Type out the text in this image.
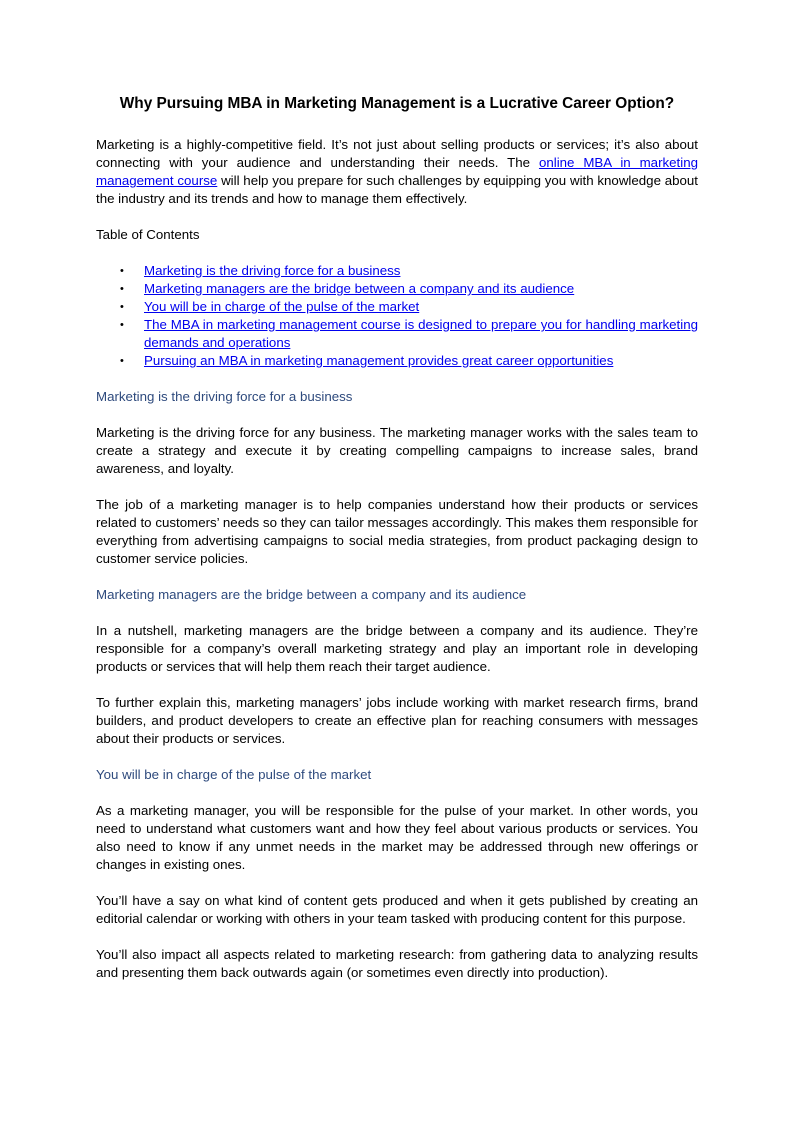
Why Pursuing MBA in Marketing Management is a Lucrative Career Option?

Marketing is a highly-competitive field. It’s not just about selling products or services; it’s also about connecting with your audience and understanding their needs. The online MBA in marketing management course will help you prepare for such challenges by equipping you with knowledge about the industry and its trends and how to manage them effectively.

Table of Contents
• Marketing is the driving force for a business
• Marketing managers are the bridge between a company and its audience
• You will be in charge of the pulse of the market
• The MBA in marketing management course is designed to prepare you for handling marketing demands and operations
• Pursuing an MBA in marketing management provides great career opportunities
Marketing is the driving force for a business

Marketing is the driving force for any business. The marketing manager works with the sales team to create a strategy and execute it by creating compelling campaigns to increase sales, brand awareness, and loyalty.

The job of a marketing manager is to help companies understand how their products or services related to customers’ needs so they can tailor messages accordingly. This makes them responsible for everything from advertising campaigns to social media strategies, from product packaging design to customer service policies.

Marketing managers are the bridge between a company and its audience

In a nutshell, marketing managers are the bridge between a company and its audience. They’re responsible for a company’s overall marketing strategy and play an important role in developing products or services that will help them reach their target audience.

To further explain this, marketing managers’ jobs include working with market research firms, brand builders, and product developers to create an effective plan for reaching consumers with messages about their products or services.

You will be in charge of the pulse of the market

As a marketing manager, you will be responsible for the pulse of your market. In other words, you need to understand what customers want and how they feel about various products or services. You also need to know if any unmet needs in the market may be addressed through new offerings or changes in existing ones.

You’ll have a say on what kind of content gets produced and when it gets published by creating an editorial calendar or working with others in your team tasked with producing content for this purpose.

You’ll also impact all aspects related to marketing research: from gathering data to analyzing results and presenting them back outwards again (or sometimes even directly into production).
